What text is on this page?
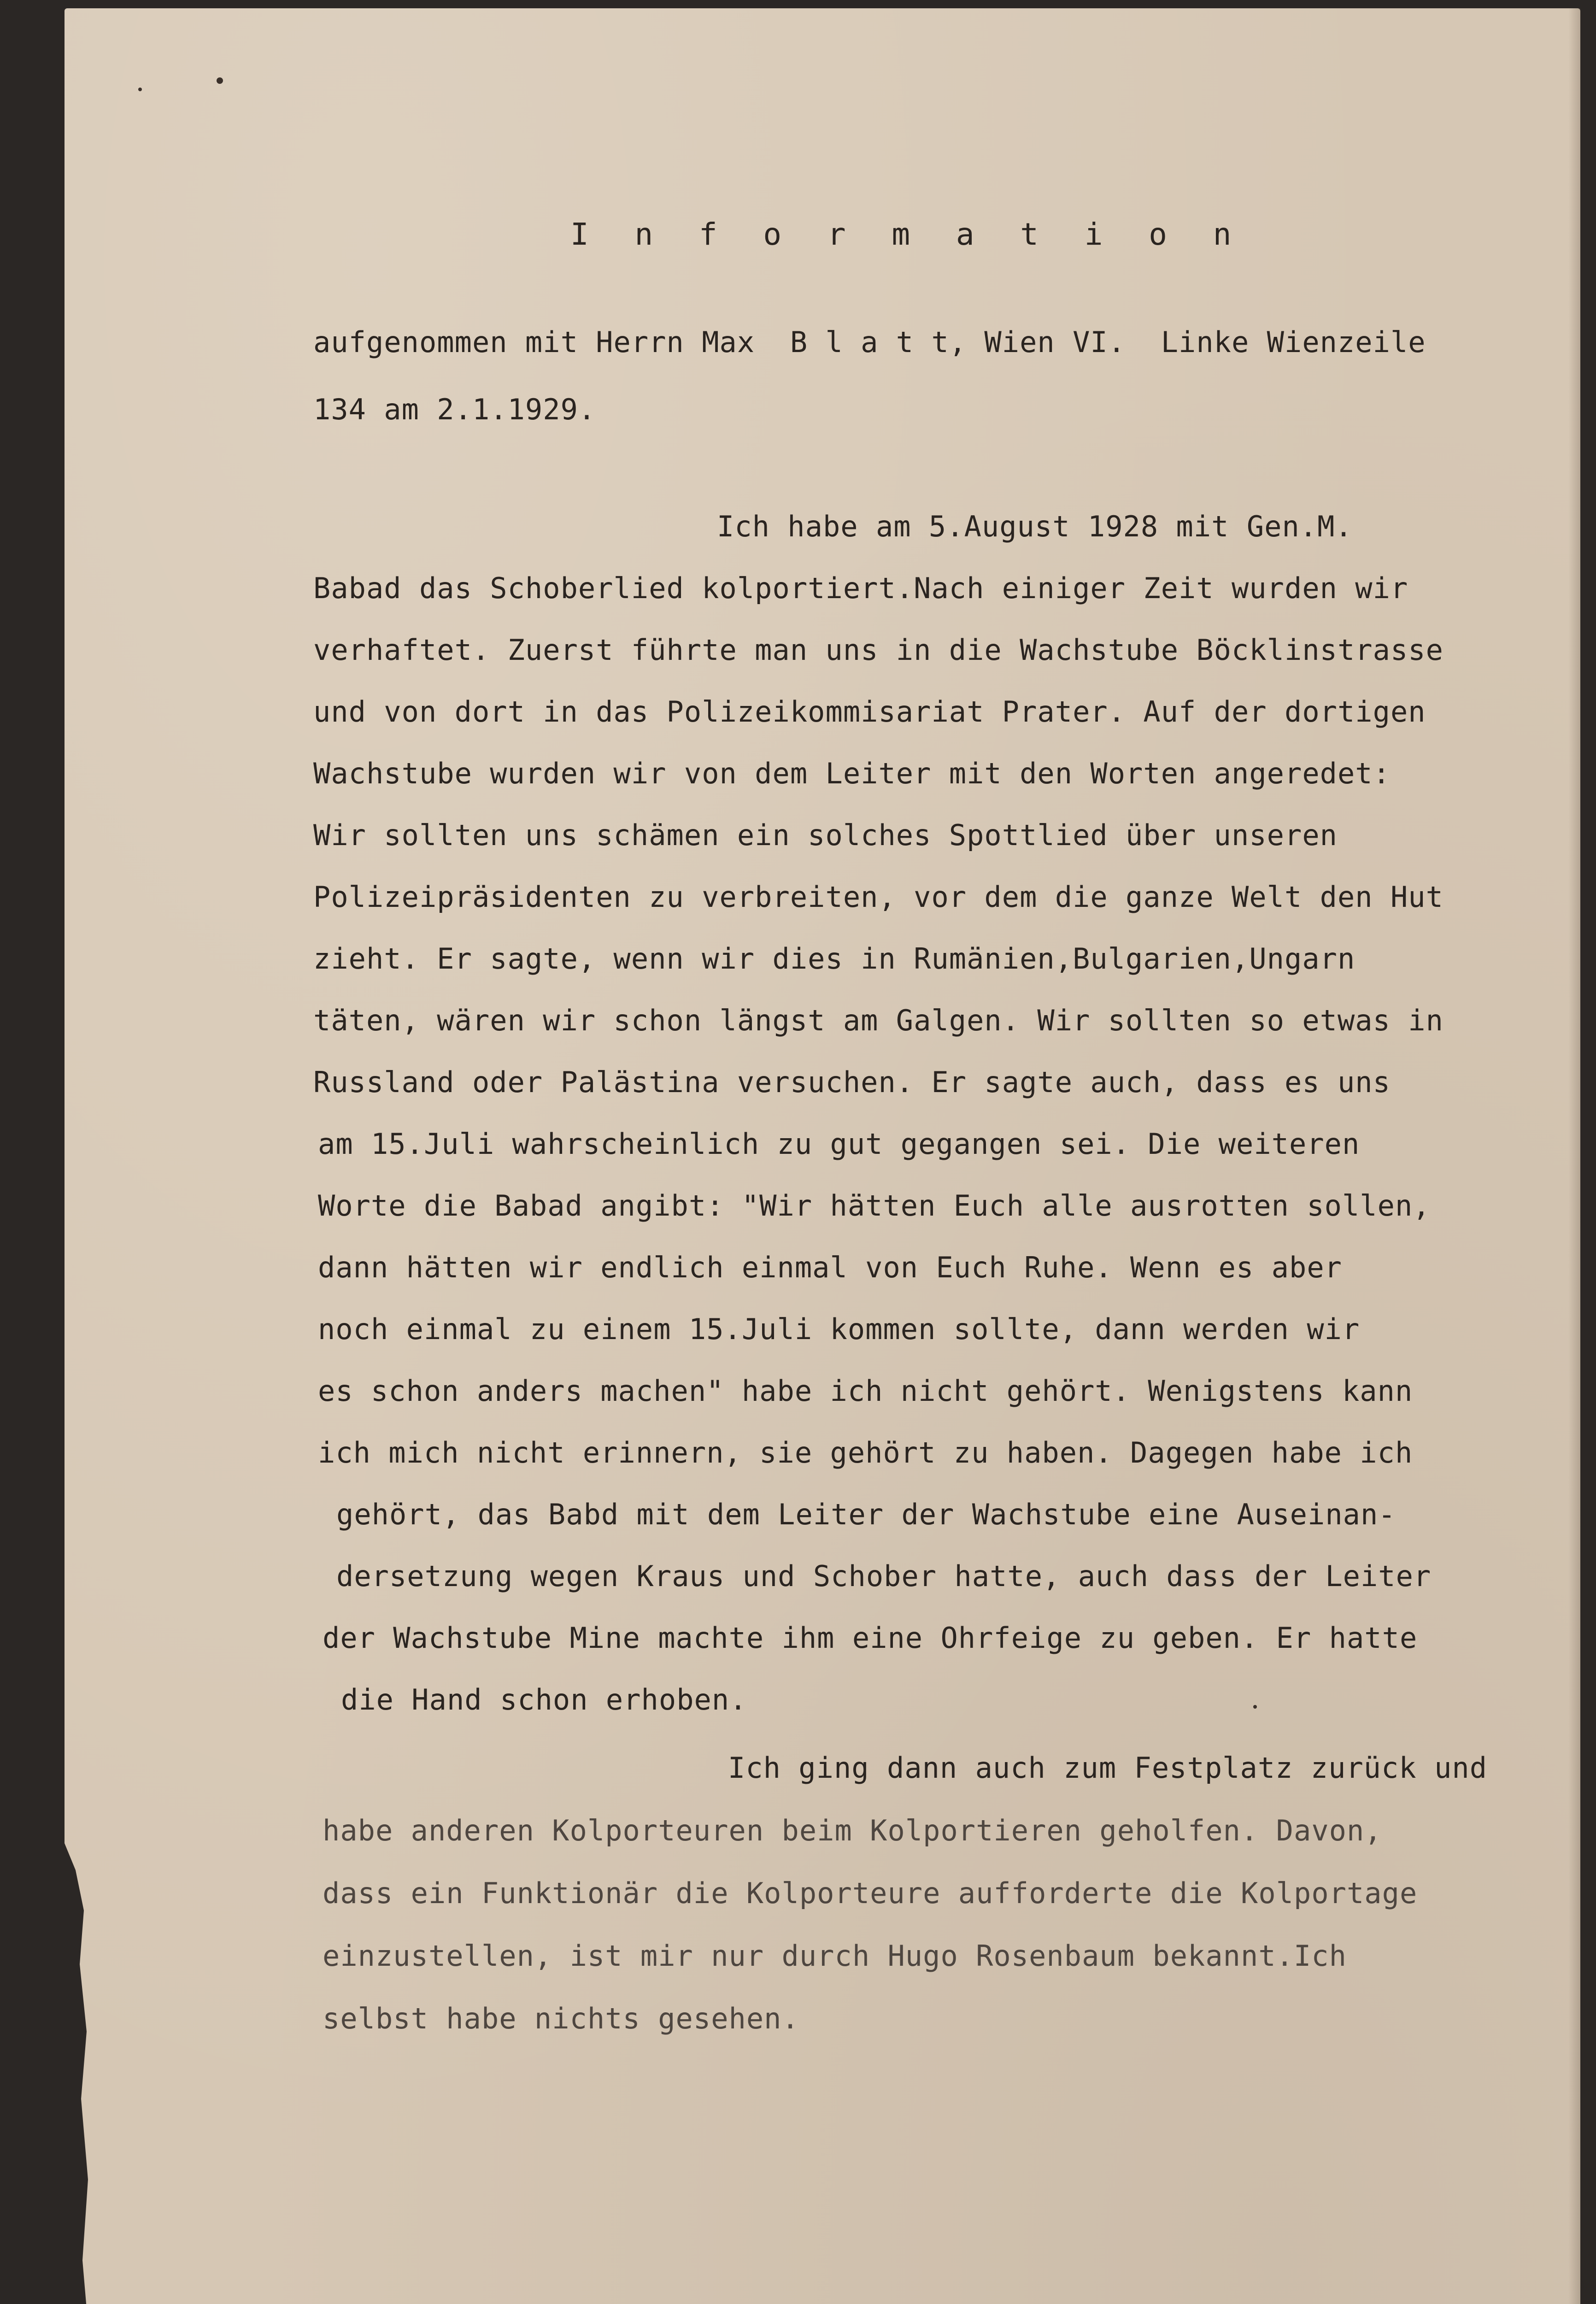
I n f o r m a t i o n
aufgenommen mit Herrn Max  B l a t t, Wien VI.  Linke Wienzeile
134 am 2.1.1929.
Ich habe am 5.August 1928 mit Gen.M.
Babad das Schoberlied kolportiert.Nach einiger Zeit wurden wir
verhaftet. Zuerst führte man uns in die Wachstube Böcklinstrasse
und von dort in das Polizeikommisariat Prater. Auf der dortigen
Wachstube wurden wir von dem Leiter mit den Worten angeredet:
Wir sollten uns schämen ein solches Spottlied über unseren
Polizeipräsidenten zu verbreiten, vor dem die ganze Welt den Hut
zieht. Er sagte, wenn wir dies in Rumänien,Bulgarien,Ungarn
täten, wären wir schon längst am Galgen. Wir sollten so etwas in
Russland oder Palästina versuchen. Er sagte auch, dass es uns
am 15.Juli wahrscheinlich zu gut gegangen sei. Die weiteren
Worte die Babad angibt: "Wir hätten Euch alle ausrotten sollen,
dann hätten wir endlich einmal von Euch Ruhe. Wenn es aber
noch einmal zu einem 15.Juli kommen sollte, dann werden wir
es schon anders machen" habe ich nicht gehört. Wenigstens kann
ich mich nicht erinnern, sie gehört zu haben. Dagegen habe ich
gehört, das Babd mit dem Leiter der Wachstube eine Auseinan-
dersetzung wegen Kraus und Schober hatte, auch dass der Leiter
der Wachstube Mine machte ihm eine Ohrfeige zu geben. Er hatte
die Hand schon erhoben.
Ich ging dann auch zum Festplatz zurück und
habe anderen Kolporteuren beim Kolportieren geholfen. Davon,
dass ein Funktionär die Kolporteure aufforderte die Kolportage
einzustellen, ist mir nur durch Hugo Rosenbaum bekannt.Ich
selbst habe nichts gesehen.
